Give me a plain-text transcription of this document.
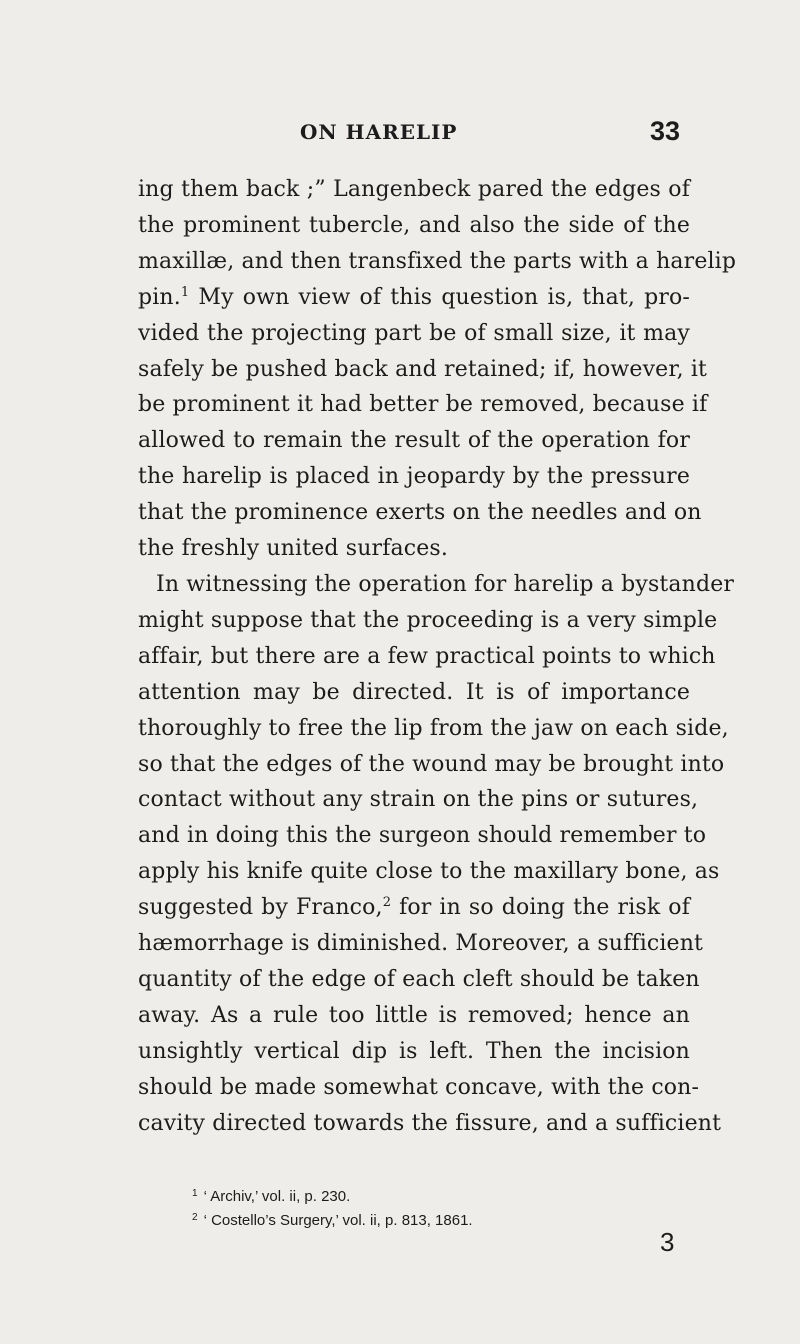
ON HARELIP	33
ing them back ;” Langenbeck pared the edges of
the prominent tubercle, and also the side of the
maxillæ, and then transfixed the parts with a harelip
pin.$^1$ My own view of this question is, that, pro-
vided the projecting part be of small size, it may
safely be pushed back and retained; if, however, it
be prominent it had better be removed, because if
allowed to remain the result of the operation for
the harelip is placed in jeopardy by the pressure
that the prominence exerts on the needles and on
the freshly united surfaces.
In witnessing the operation for harelip a bystander
might suppose that the proceeding is a very simple
affair, but there are a few practical points to which
attention may be directed. It is of importance
thoroughly to free the lip from the jaw on each side,
so that the edges of the wound may be brought into
contact without any strain on the pins or sutures,
and in doing this the surgeon should remember to
apply his knife quite close to the maxillary bone, as
suggested by Franco,$^2$ for in so doing the risk of
hæmorrhage is diminished. Moreover, a sufficient
quantity of the edge of each cleft should be taken
away. As a rule too little is removed; hence an
unsightly vertical dip is left. Then the incision
should be made somewhat concave, with the con-
cavity directed towards the fissure, and a sufficient
$^1$ ‘ Archiv,’ vol. ii, p. 230.
$^2$ ‘ Costello’s Surgery,’ vol. ii, p. 813, 1861.
3
